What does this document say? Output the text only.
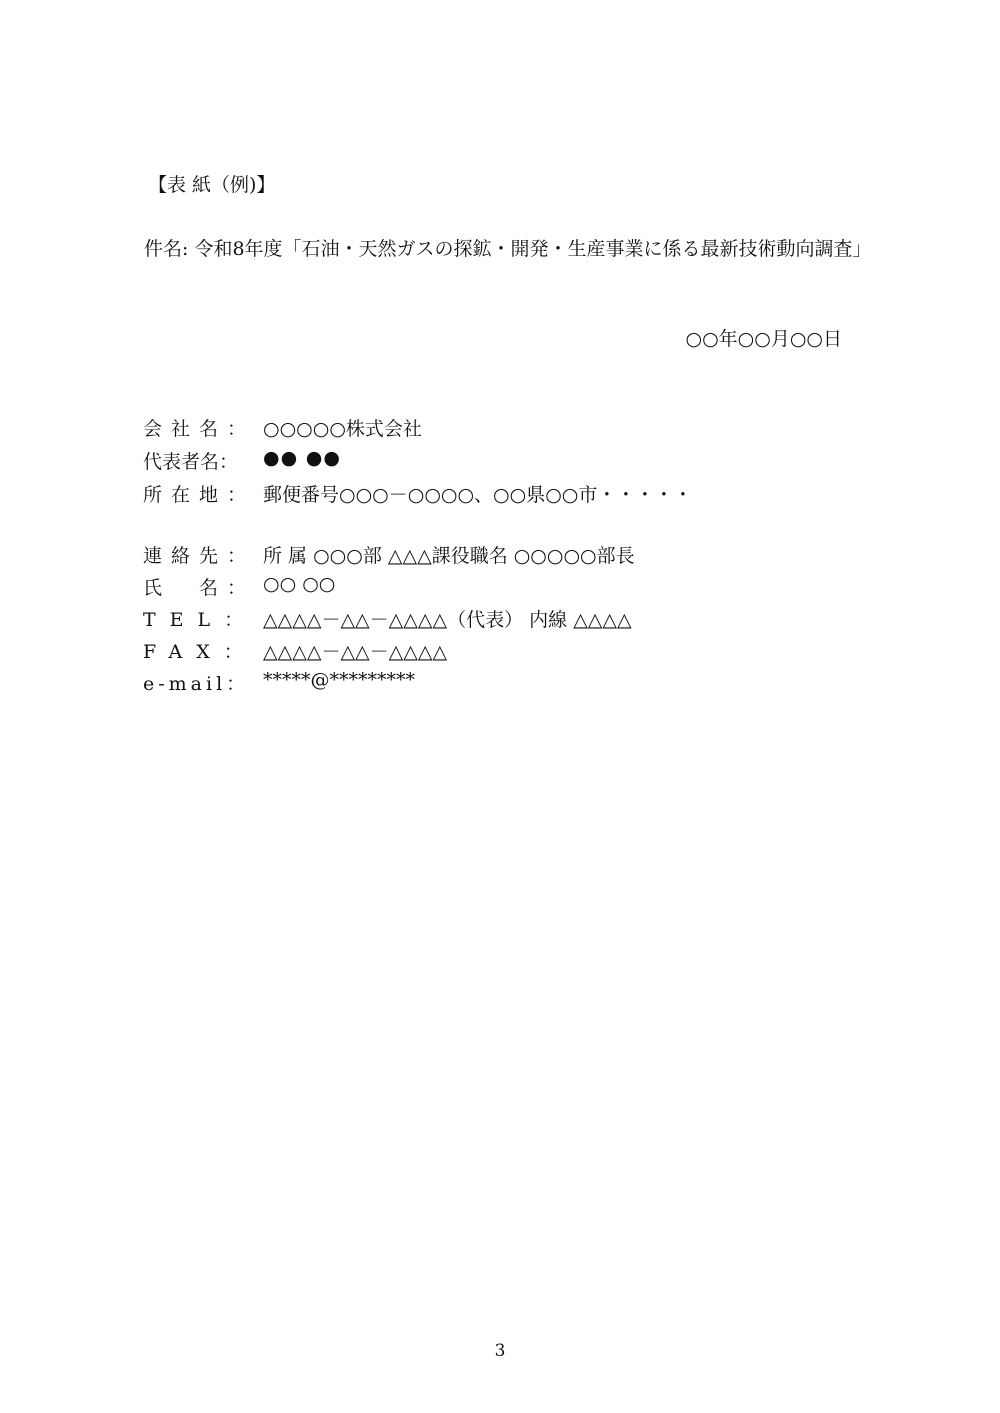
【表 紙（例)】
件名: 令和8年度「石油・天然ガスの探鉱・開発・生産事業に係る最新技術動向調査」
○○年○○月○○日
会社名： ○○○○○株式会社
代表者名： ●● ●●
所在地： 郵便番号○○○－○○○○、○○県○○市・・・・・
連絡先： 所 属 ○○○部 △△△課役職名 ○○○○○部長
氏　名： ○○ ○○
TEL： △△△△－△△－△△△△（代表） 内線 △△△△
FAX： △△△△－△△－△△△△
e-mail： *****@*********
3
